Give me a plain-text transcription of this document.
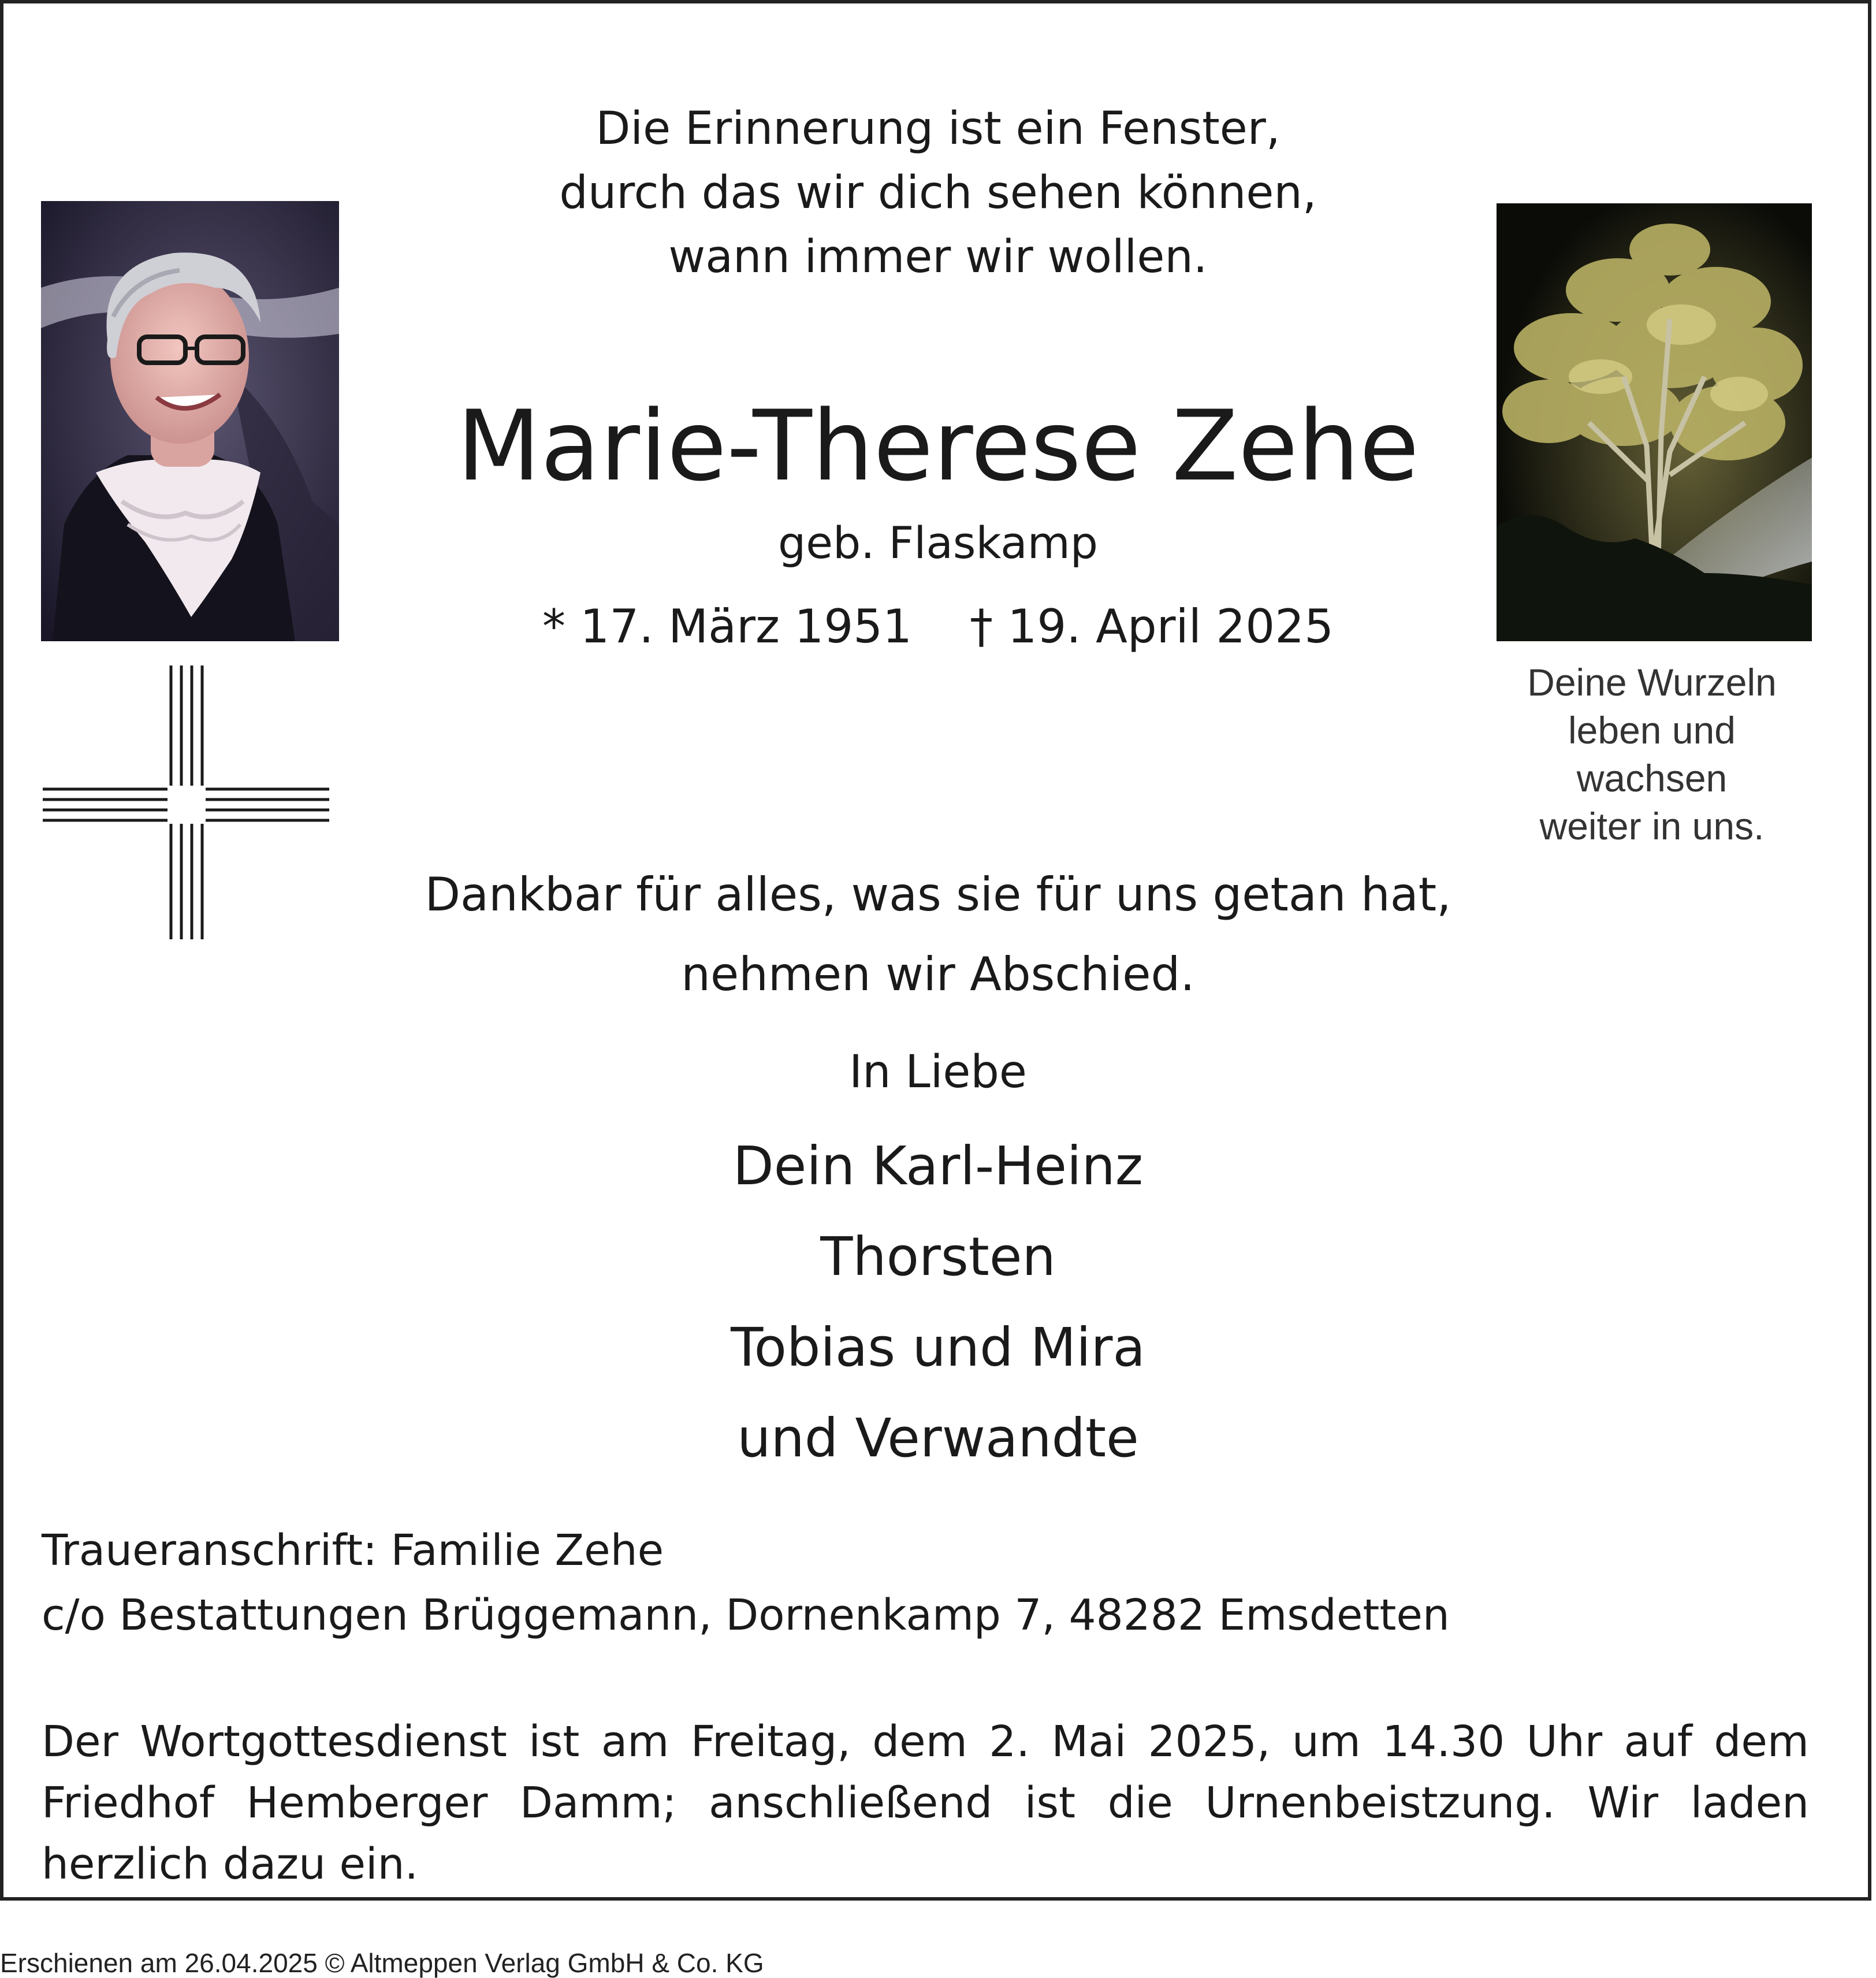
Die Erinnerung ist ein Fenster,
durch das wir dich sehen können,
wann immer wir wollen.
Marie-Therese Zehe
geb. Flaskamp
* 17. März 1951 † 19. April 2025
Deine Wurzeln
leben und
wachsen
weiter in uns.
Dankbar für alles, was sie für uns getan hat,
nehmen wir Abschied.
In Liebe
Dein Karl-Heinz
Thorsten
Tobias und Mira
und Verwandte
Traueranschrift: Familie Zehe
c/o Bestattungen Brüggemann, Dornenkamp 7, 48282 Emsdetten
Der Wortgottesdienst ist am Freitag, dem 2. Mai 2025, um 14.30 Uhr auf dem
Friedhof Hemberger Damm; anschließend ist die Urnenbeistzung. Wir laden
herzlich dazu ein.
Erschienen am 26.04.2025 © Altmeppen Verlag GmbH & Co. KG
